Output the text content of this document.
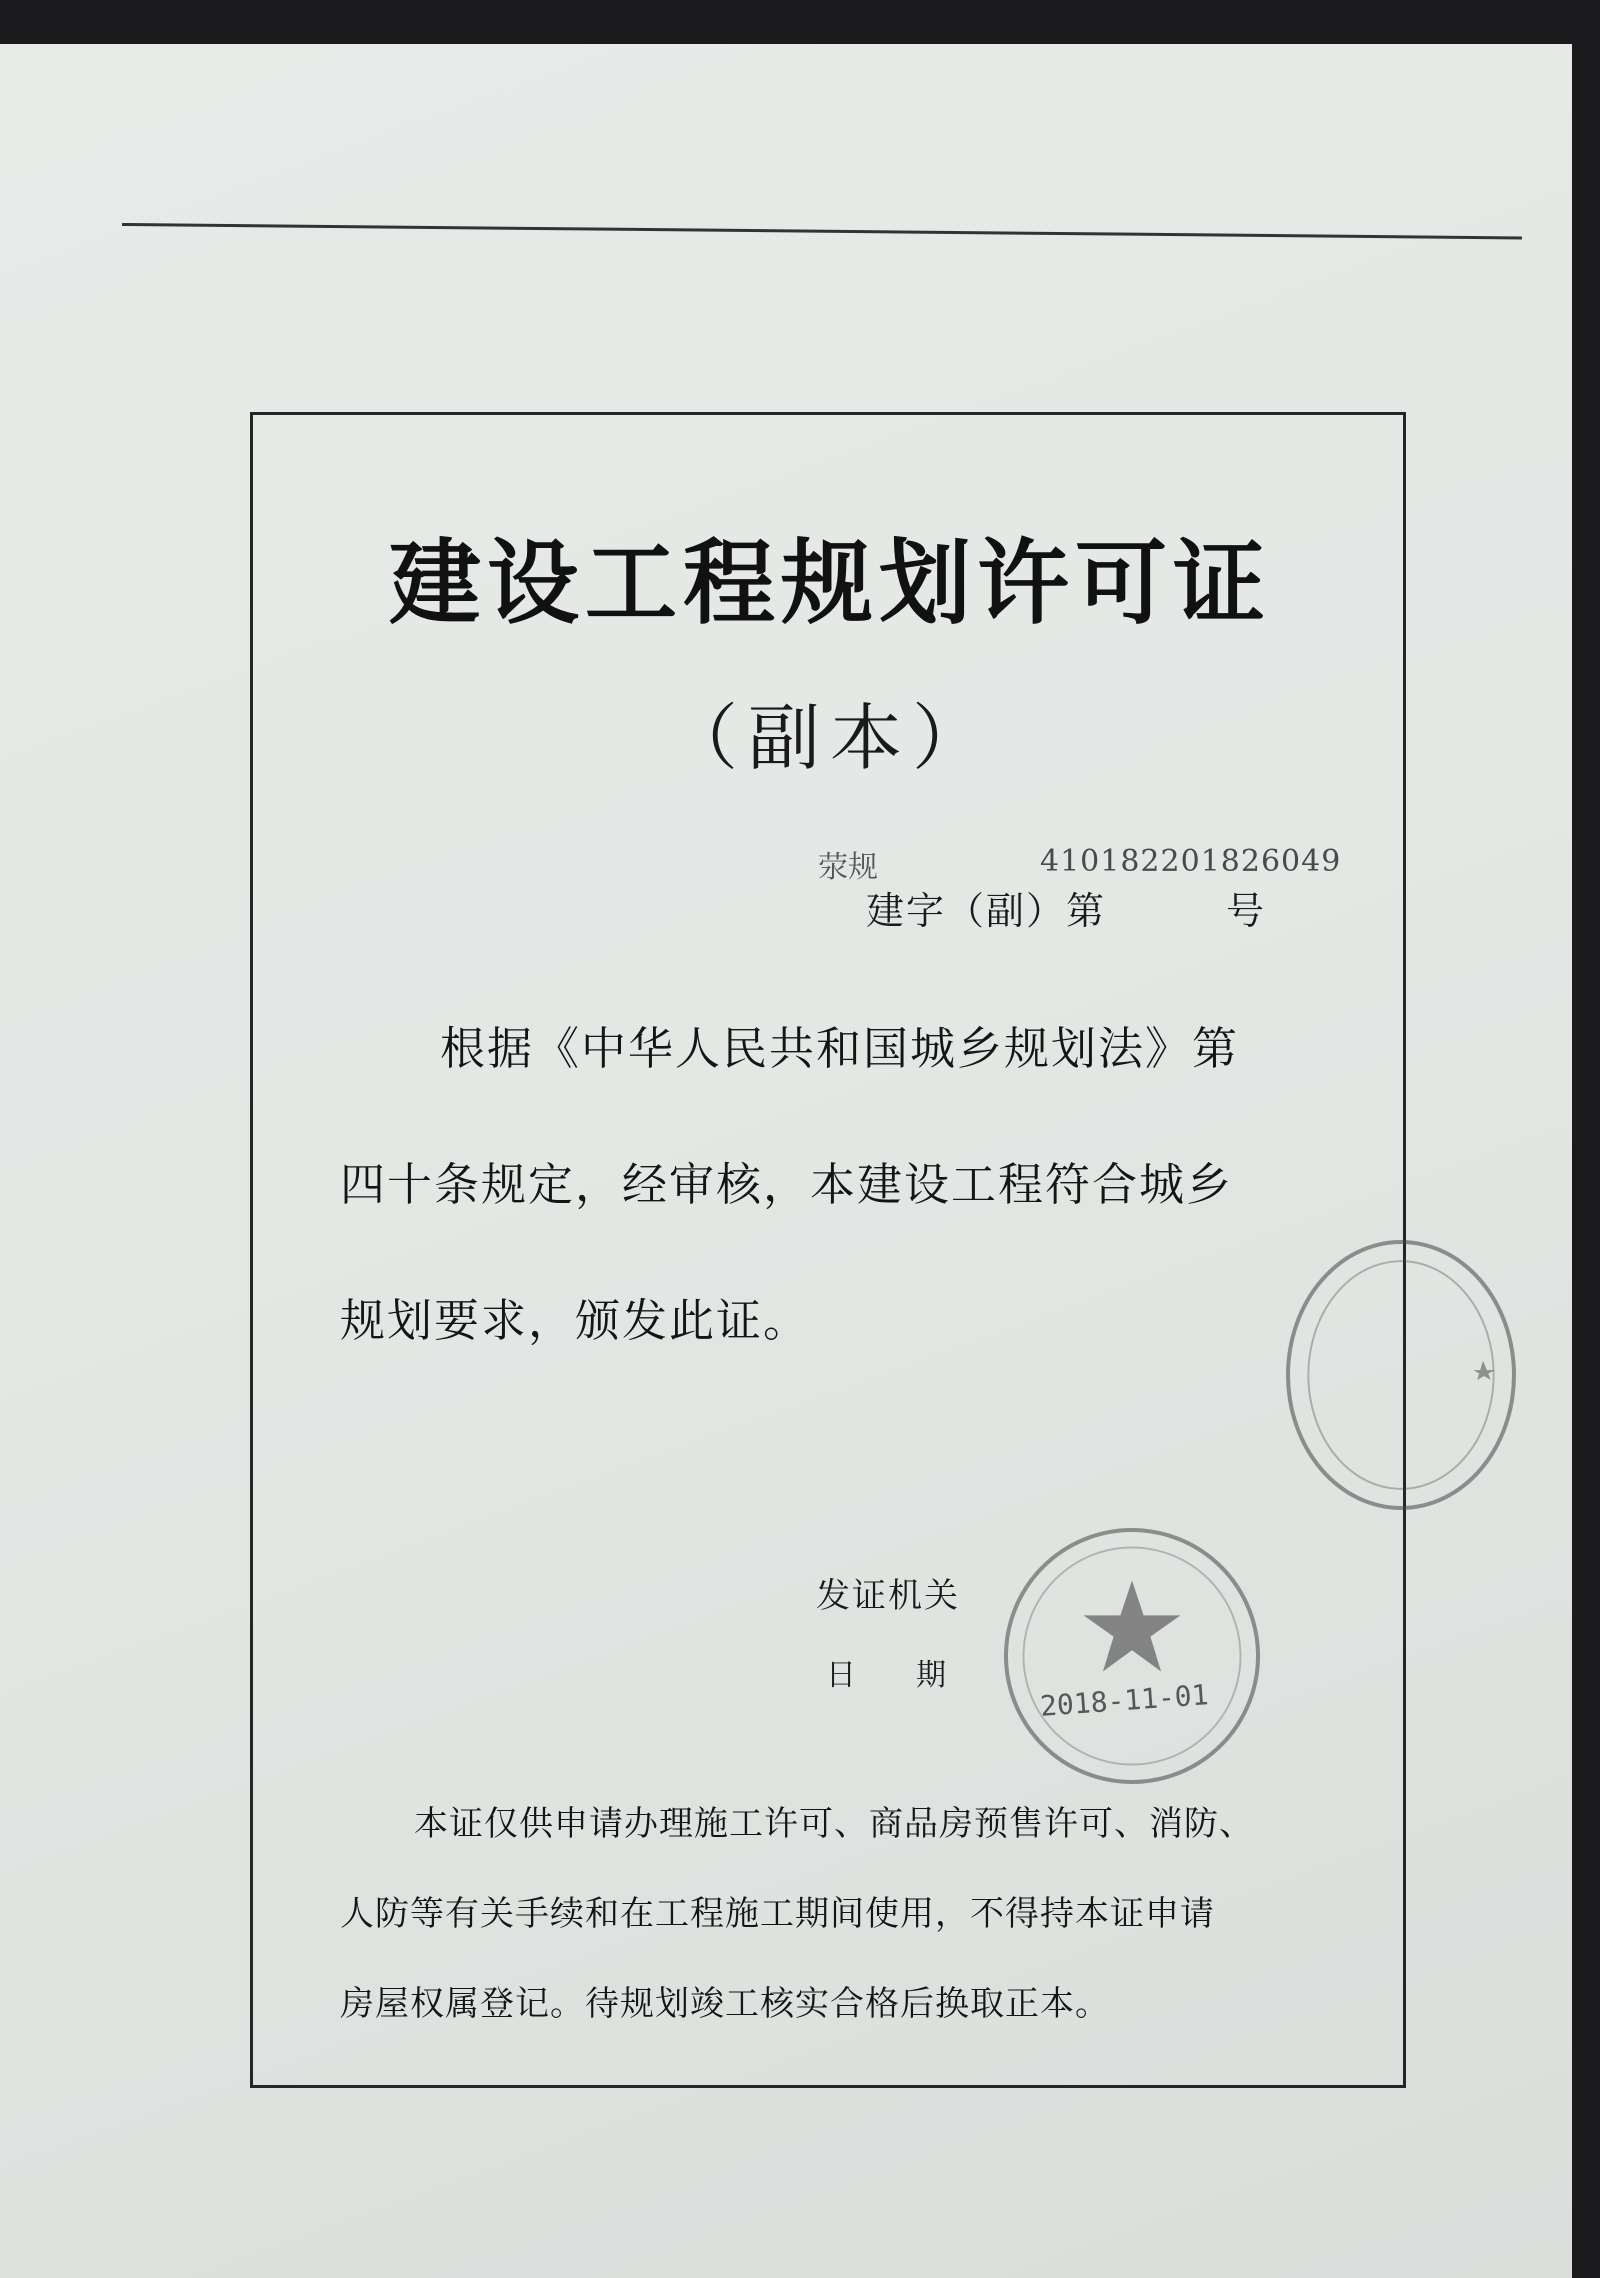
建设工程规划许可证
（副本）
荥规	410182201826049
建字（副）第　　　号
根据《中华人民共和国城乡规划法》第
四十条规定，经审核，本建设工程符合城乡
规划要求，颁发此证。
发证机关
日　　期
2018-11-01
本证仅供申请办理施工许可、商品房预售许可、消防、
人防等有关手续和在工程施工期间使用，不得持本证申请
房屋权属登记。待规划竣工核实合格后换取正本。
